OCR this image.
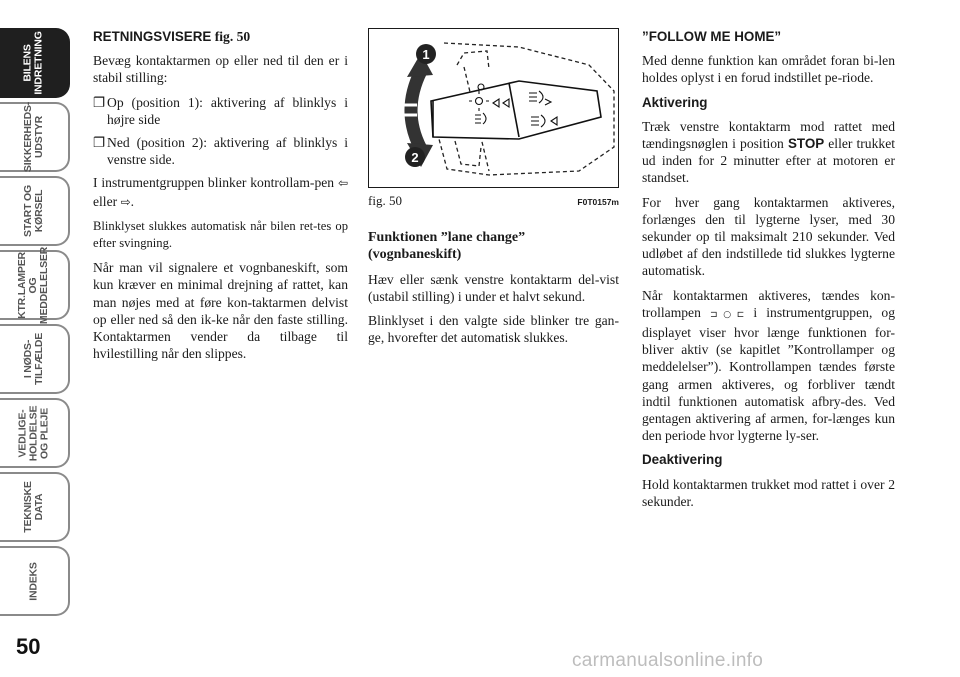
BILENS
INDRETNING
SIKKERHEDS-
UDSTYR
START OG
KØRSEL
KTR.LAMPER
OG
MEDDELELSER
I NØDS-
TILFÆLDE
VEDLIGE-
HOLDELSE
OG PLEJE
TEKNISKE
DATA
INDEKS
50

RETNINGSVISERE fig. 50

Bevæg kontaktarmen op eller ned til den er i stabil stilling:

❐ Op (position 1): aktivering af blinklys i højre side
❐ Ned (position 2): aktivering af blinklys i venstre side.

I instrumentgruppen blinker kontrollam-pen ⇦ eller ⇨.

Blinklyset slukkes automatisk når bilen ret-tes op efter svingning.

Når man vil signalere et vognbaneskift, som kun kræver en minimal drejning af rattet, kan man nøjes med at føre kon-taktarmen delvist op eller ned så den ik-ke når den faste stilling. Kontaktarmen vender da tilbage til hvilestilling når den slippes.

1
2
fig. 50	F0T0157m

Funktionen ”lane change” (vognbaneskift)

Hæv eller sænk venstre kontaktarm del-vist (ustabil stilling) i under et halvt sekund.

Blinklyset i den valgte side blinker tre gan-ge, hvorefter det automatisk slukkes.

”FOLLOW ME HOME”

Med denne funktion kan området foran bi-len holdes oplyst i en forud indstillet pe-riode.

Aktivering

Træk venstre kontaktarm mod rattet med tændingsnøglen i position STOP eller trukket ud inden for 2 minutter efter at motoren er standset.

For hver gang kontaktarmen aktiveres, forlænges den til lygterne lyser, med 30 sekunder op til maksimalt 210 sekunder. Ved udløbet af den indstillede tid slukkes lygterne automatisk.

Når kontaktarmen aktiveres, tændes kon-trollampen ⊐○⊏ i instrumentgruppen, og displayet viser hvor længe funktionen for-bliver aktiv (se kapitlet ”Kontrollamper og meddelelser”). Kontrollampen tændes første gang armen aktiveres, og forbliver tændt indtil funktionen automatisk afbry-des. Ved gentagen aktivering af armen, for-længes kun den periode hvor lygterne ly-ser.

Deaktivering

Hold kontaktarmen trukket mod rattet i over 2 sekunder.

carmanualsonline.info
